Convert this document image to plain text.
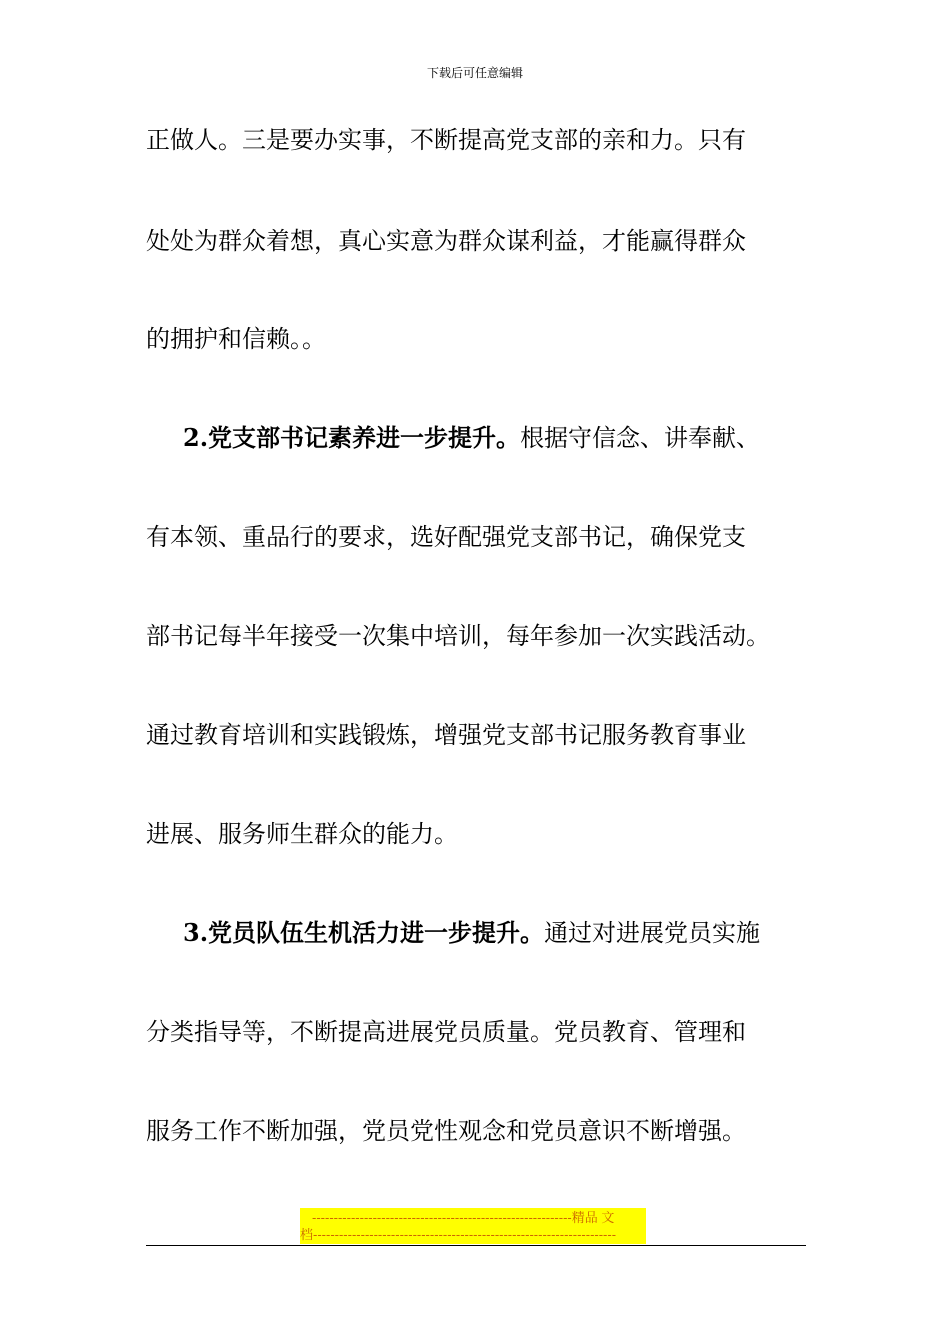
下载后可任意编辑
正做人。三是要办实事，不断提高党支部的亲和力。只有
处处为群众着想，真心实意为群众谋利益，才能赢得群众
的拥护和信赖。。
2.党支部书记素养进一步提升。根据守信念、讲奉献、
有本领、重品行的要求，选好配强党支部书记，确保党支
部书记每半年接受一次集中培训，每年参加一次实践活动。
通过教育培训和实践锻炼，增强党支部书记服务教育事业
进展、服务师生群众的能力。
3.党员队伍生机活力进一步提升。通过对进展党员实施
分类指导等，不断提高进展党员质量。党员教育、管理和
服务工作不断加强，党员党性观念和党员意识不断增强。
------------------------------------------------------------精品 文
档----------------------------------------------------------------------
